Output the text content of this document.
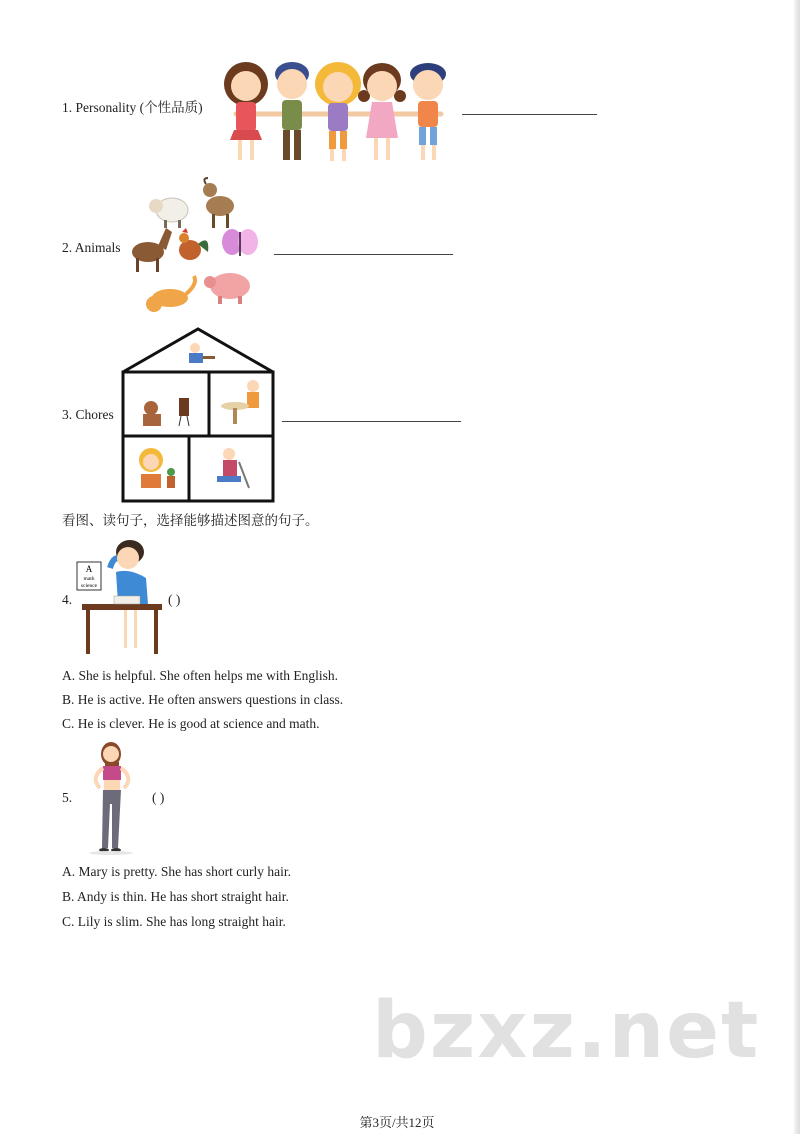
1. Personality (个性品质)
2. Animals
3. Chores
看图、读句子，选择能够描述图意的句子。
A
math
science
4.	( )
A. She is helpful. She often helps me with English.
B. He is active. He often answers questions in class.
C. He is clever. He is good at science and math.
5.	( )
A. Mary is pretty. She has short curly hair.
B. Andy is thin. He has short straight hair.
C. Lily is slim. She has long straight hair.
bzxz.net
第3页/共12页
